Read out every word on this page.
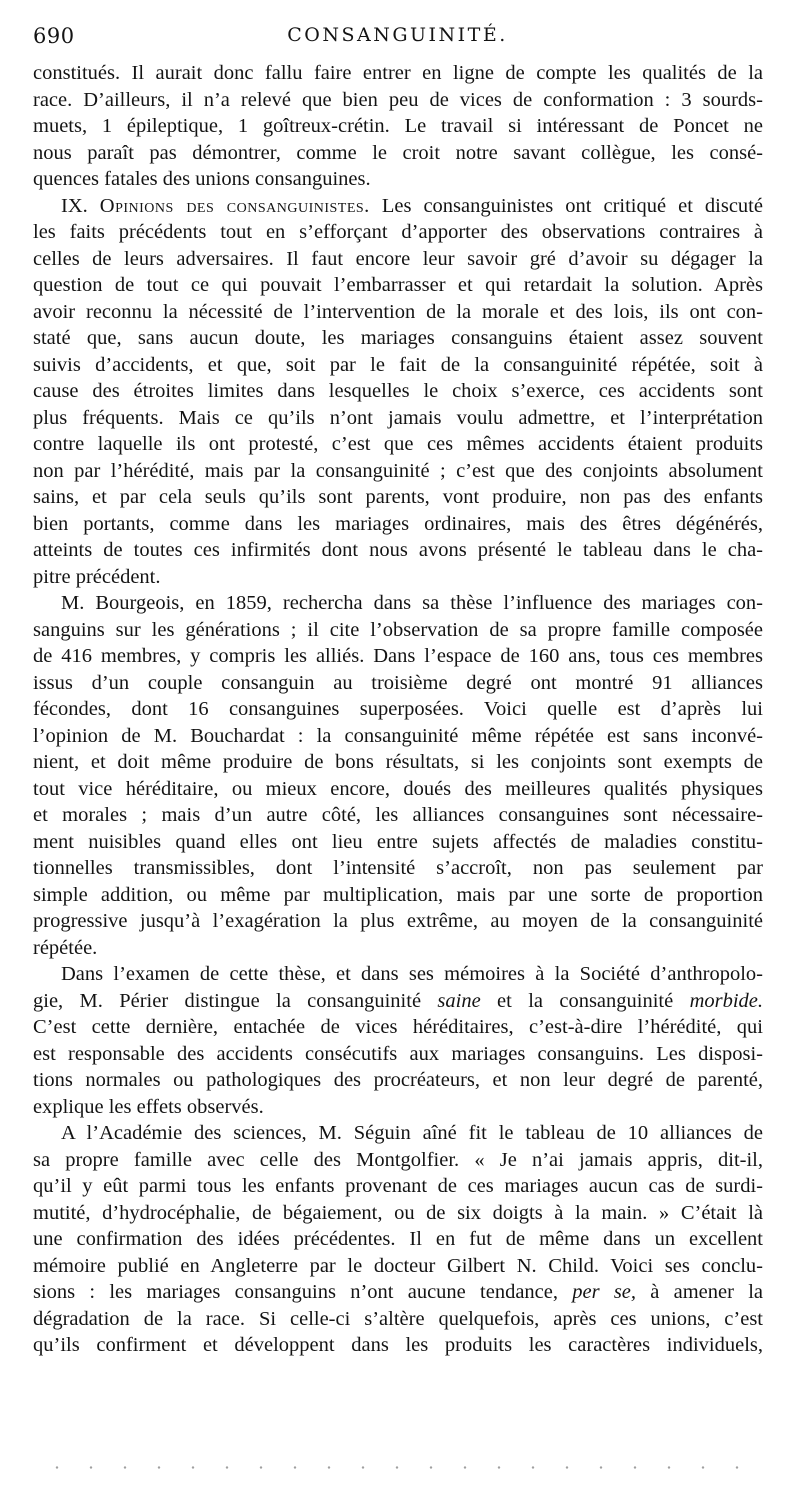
690	CONSANGUINITÉ.
constitués. Il aurait donc fallu faire entrer en ligne de compte les qualités de la
race. D’ailleurs, il n’a relevé que bien peu de vices de conformation : 3 sourds-
muets, 1 épileptique, 1 goîtreux-crétin. Le travail si intéressant de Poncet ne
nous paraît pas démontrer, comme le croit notre savant collègue, les consé-
quences fatales des unions consanguines.
IX. Opinions des consanguinistes. Les consanguinistes ont critiqué et discuté
les faits précédents tout en s’efforçant d’apporter des observations contraires à
celles de leurs adversaires. Il faut encore leur savoir gré d’avoir su dégager la
question de tout ce qui pouvait l’embarrasser et qui retardait la solution. Après
avoir reconnu la nécessité de l’intervention de la morale et des lois, ils ont con-
staté que, sans aucun doute, les mariages consanguins étaient assez souvent
suivis d’accidents, et que, soit par le fait de la consanguinité répétée, soit à
cause des étroites limites dans lesquelles le choix s’exerce, ces accidents sont
plus fréquents. Mais ce qu’ils n’ont jamais voulu admettre, et l’interprétation
contre laquelle ils ont protesté, c’est que ces mêmes accidents étaient produits
non par l’hérédité, mais par la consanguinité ; c’est que des conjoints absolument
sains, et par cela seuls qu’ils sont parents, vont produire, non pas des enfants
bien portants, comme dans les mariages ordinaires, mais des êtres dégénérés,
atteints de toutes ces infirmités dont nous avons présenté le tableau dans le cha-
pitre précédent.
M. Bourgeois, en 1859, rechercha dans sa thèse l’influence des mariages con-
sanguins sur les générations ; il cite l’observation de sa propre famille composée
de 416 membres, y compris les alliés. Dans l’espace de 160 ans, tous ces membres
issus d’un couple consanguin au troisième degré ont montré 91 alliances
fécondes, dont 16 consanguines superposées. Voici quelle est d’après lui
l’opinion de M. Bouchardat : la consanguinité même répétée est sans inconvé-
nient, et doit même produire de bons résultats, si les conjoints sont exempts de
tout vice héréditaire, ou mieux encore, doués des meilleures qualités physiques
et morales ; mais d’un autre côté, les alliances consanguines sont nécessaire-
ment nuisibles quand elles ont lieu entre sujets affectés de maladies constitu-
tionnelles transmissibles, dont l’intensité s’accroît, non pas seulement par
simple addition, ou même par multiplication, mais par une sorte de proportion
progressive jusqu’à l’exagération la plus extrême, au moyen de la consanguinité
répétée.
Dans l’examen de cette thèse, et dans ses mémoires à la Société d’anthropolo-
gie, M. Périer distingue la consanguinité saine et la consanguinité morbide.
C’est cette dernière, entachée de vices héréditaires, c’est-à-dire l’hérédité, qui
est responsable des accidents consécutifs aux mariages consanguins. Les disposi-
tions normales ou pathologiques des procréateurs, et non leur degré de parenté,
explique les effets observés.
A l’Académie des sciences, M. Séguin aîné fit le tableau de 10 alliances de
sa propre famille avec celle des Montgolfier. « Je n’ai jamais appris, dit-il,
qu’il y eût parmi tous les enfants provenant de ces mariages aucun cas de surdi-
mutité, d’hydrocéphalie, de bégaiement, ou de six doigts à la main. » C’était là
une confirmation des idées précédentes. Il en fut de même dans un excellent
mémoire publié en Angleterre par le docteur Gilbert N. Child. Voici ses conclu-
sions : les mariages consanguins n’ont aucune tendance, per se, à amener la
dégradation de la race. Si celle-ci s’altère quelquefois, après ces unions, c’est
qu’ils confirment et développent dans les produits les caractères individuels,
